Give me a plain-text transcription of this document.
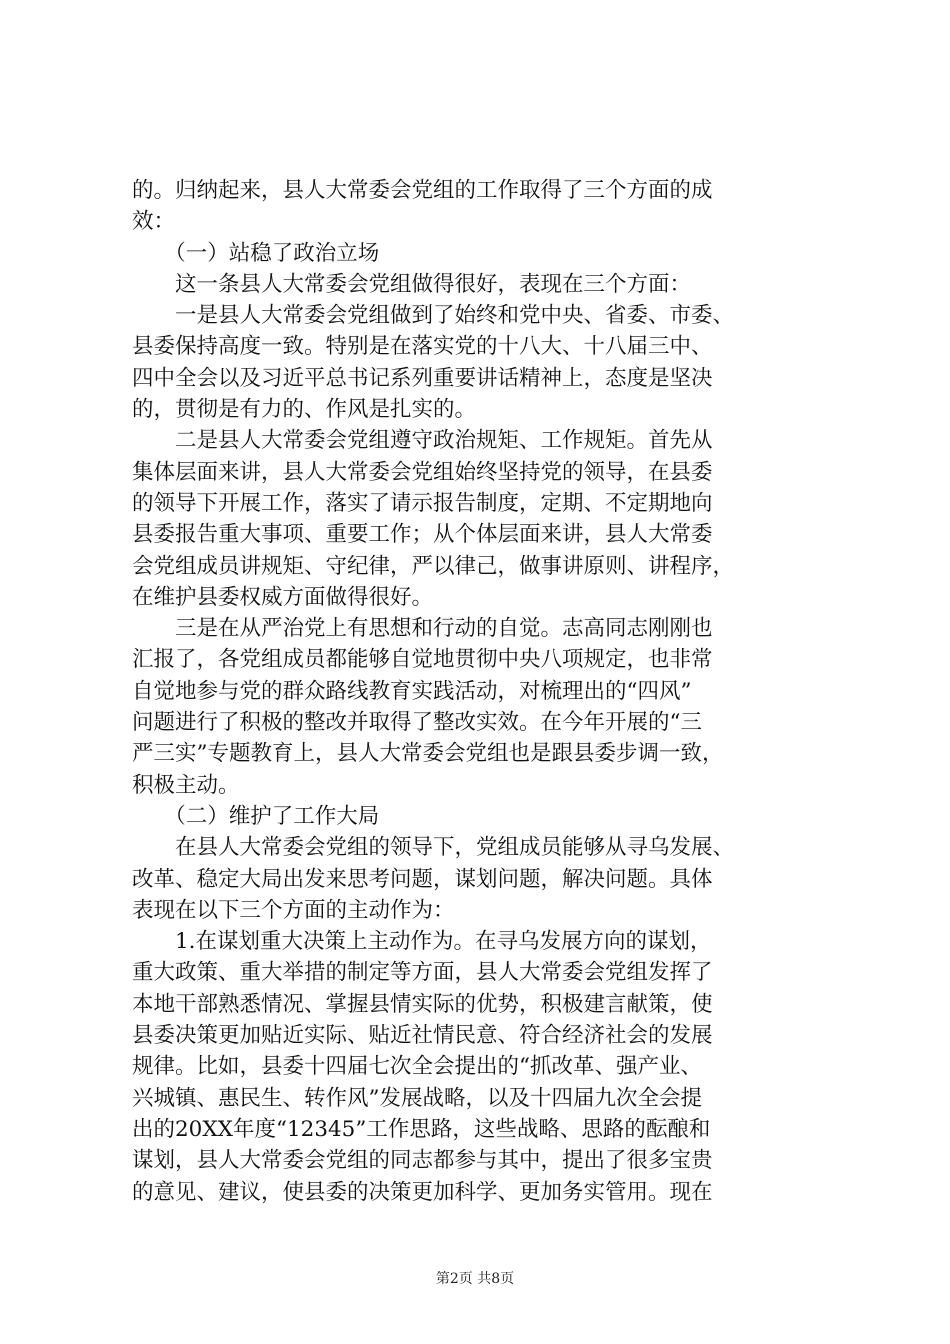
的。归纳起来，县人大常委会党组的工作取得了三个方面的成
效：
　　（一）站稳了政治立场
　　这一条县人大常委会党组做得很好，表现在三个方面：
　　一是县人大常委会党组做到了始终和党中央、省委、市委、
县委保持高度一致。特别是在落实党的十八大、十八届三中、
四中全会以及习近平总书记系列重要讲话精神上，态度是坚决
的，贯彻是有力的、作风是扎实的。
　　二是县人大常委会党组遵守政治规矩、工作规矩。首先从
集体层面来讲，县人大常委会党组始终坚持党的领导，在县委
的领导下开展工作，落实了请示报告制度，定期、不定期地向
县委报告重大事项、重要工作；从个体层面来讲，县人大常委
会党组成员讲规矩、守纪律，严以律己，做事讲原则、讲程序，
在维护县委权威方面做得很好。
　　三是在从严治党上有思想和行动的自觉。志高同志刚刚也
汇报了，各党组成员都能够自觉地贯彻中央八项规定，也非常
自觉地参与党的群众路线教育实践活动，对梳理出的“四风”
问题进行了积极的整改并取得了整改实效。在今年开展的“三
严三实”专题教育上，县人大常委会党组也是跟县委步调一致，
积极主动。
　　（二）维护了工作大局
　　在县人大常委会党组的领导下，党组成员能够从寻乌发展、
改革、稳定大局出发来思考问题，谋划问题，解决问题。具体
表现在以下三个方面的主动作为：
　　1.在谋划重大决策上主动作为。在寻乌发展方向的谋划，
重大政策、重大举措的制定等方面，县人大常委会党组发挥了
本地干部熟悉情况、掌握县情实际的优势，积极建言献策，使
县委决策更加贴近实际、贴近社情民意、符合经济社会的发展
规律。比如，县委十四届七次全会提出的“抓改革、强产业、
兴城镇、惠民生、转作风”发展战略，以及十四届九次全会提
出的20XX年度“12345”工作思路，这些战略、思路的酝酿和
谋划，县人大常委会党组的同志都参与其中，提出了很多宝贵
的意见、建议，使县委的决策更加科学、更加务实管用。现在
第2页 共8页
